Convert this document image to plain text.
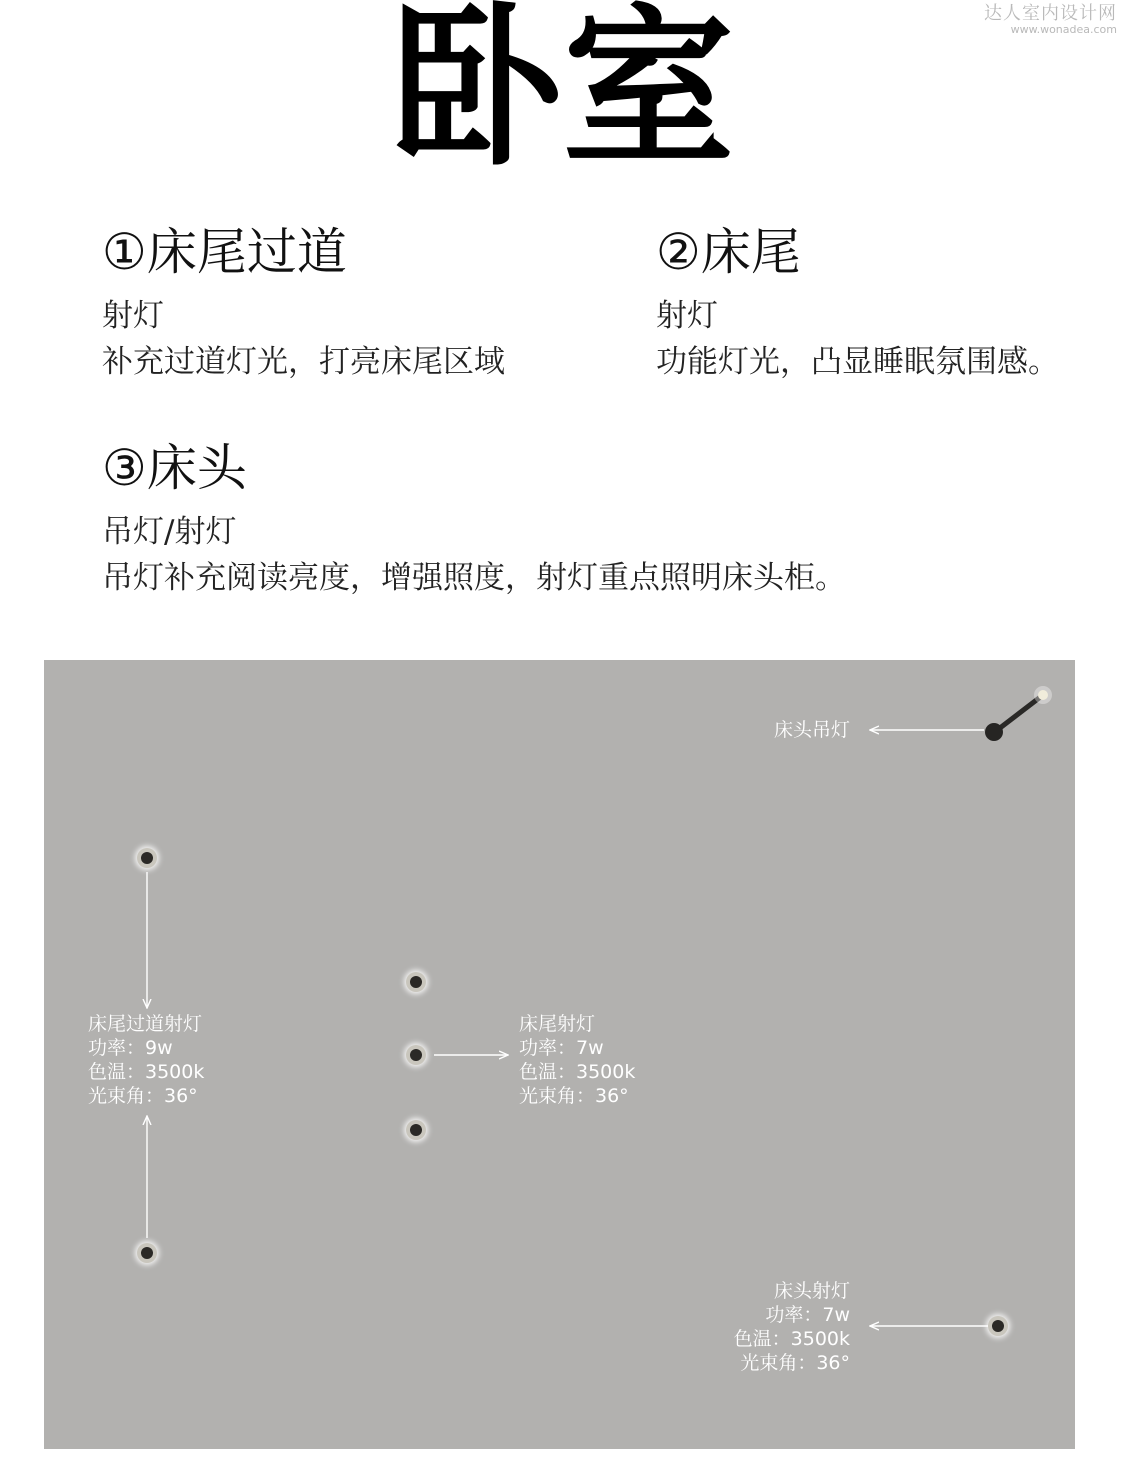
达人室内设计网
www.wonadea.com
卧室
①床尾过道
射灯
补充过道灯光，打亮床尾区域
②床尾
射灯
功能灯光，凸显睡眠氛围感。
③床头
吊灯/射灯
吊灯补充阅读亮度，增强照度，射灯重点照明床头柜。
床头吊灯
床尾过道射灯
功率：9w
色温：3500k
光束角：36°
床尾射灯
功率：7w
色温：3500k
光束角：36°
床头射灯
功率：7w
色温：3500k
光束角：36°
